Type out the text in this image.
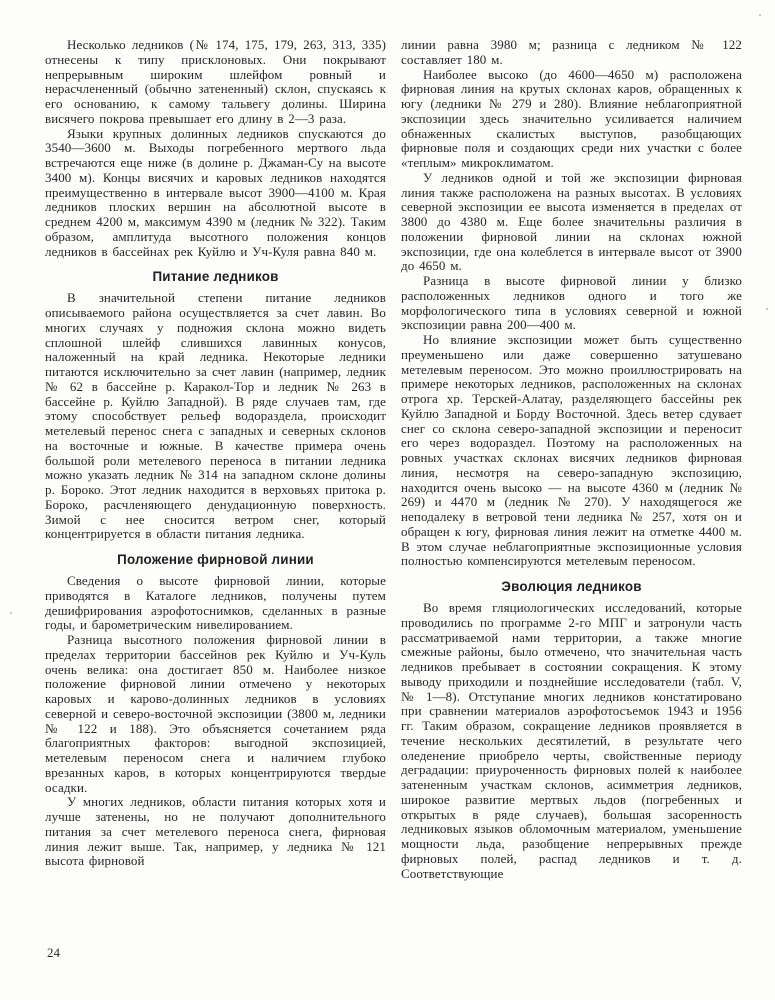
Несколько ледников (№ 174, 175, 179, 263, 313, 335) отнесены к типу присклоновых. Они покрывают непрерывным широким шлейфом ровный и нерасчлененный (обычно затененный) склон, спускаясь к его основанию, к самому тальвегу долины. Ширина висячего покрова превышает его длину в 2—3 раза.

Языки крупных долинных ледников спускаются до 3540—3600 м. Выходы погребенного мертвого льда встречаются еще ниже (в долине р. Джаман-Су на высоте 3400 м). Концы висячих и каровых ледников находятся преимущественно в интервале высот 3900—4100 м. Края ледников плоских вершин на абсолютной высоте в среднем 4200 м, максимум 4390 м (ледник № 322). Таким образом, амплитуда высотного положения концов ледников в бассейнах рек Куйлю и Уч-Куля равна 840 м.

Питание ледников

В значительной степени питание ледников описываемого района осуществляется за счет лавин. Во многих случаях у подножия склона можно видеть сплошной шлейф слившихся лавинных конусов, наложенный на край ледника. Некоторые ледники питаются исключительно за счет лавин (например, ледник № 62 в бассейне р. Каракол-Тор и ледник № 263 в бассейне р. Куйлю Западной). В ряде случаев там, где этому способствует рельеф водораздела, происходит метелевый перенос снега с западных и северных склонов на восточные и южные. В качестве примера очень большой роли метелевого переноса в питании ледника можно указать ледник № 314 на западном склоне долины р. Бороко. Этот ледник находится в верховьях притока р. Бороко, расчленяющего денудационную поверхность. Зимой с нее сносится ветром снег, который концентрируется в области питания ледника.

Положение фирновой линии

Сведения о высоте фирновой линии, которые приводятся в Каталоге ледников, получены путем дешифрирования аэрофотоснимков, сделанных в разные годы, и барометрическим нивелированием.

Разница высотного положения фирновой линии в пределах территории бассейнов рек Куйлю и Уч-Куль очень велика: она достигает 850 м. Наиболее низкое положение фирновой линии отмечено у некоторых каровых и карово-долинных ледников в условиях северной и северо-восточной экспозиции (3800 м, ледники № 122 и 188). Это объясняется сочетанием ряда благоприятных факторов: выгодной экспозицией, метелевым переносом снега и наличием глубоко врезанных каров, в которых концентрируются твердые осадки.

У многих ледников, области питания которых хотя и лучше затенены, но не получают дополнительного питания за счет метелевого переноса снега, фирновая линия лежит выше. Так, например, у ледника № 121 высота фирновой

линии равна 3980 м; разница с ледником № 122 составляет 180 м.

Наиболее высоко (до 4600—4650 м) расположена фирновая линия на крутых склонах каров, обращенных к югу (ледники № 279 и 280). Влияние неблагоприятной экспозиции здесь значительно усиливается наличием обнаженных скалистых выступов, разобщающих фирновые поля и создающих среди них участки с более «теплым» микроклиматом.

У ледников одной и той же экспозиции фирновая линия также расположена на разных высотах. В условиях северной экспозиции ее высота изменяется в пределах от 3800 до 4380 м. Еще более значительны различия в положении фирновой линии на склонах южной экспозиции, где она колеблется в интервале высот от 3900 до 4650 м.

Разница в высоте фирновой линии у близко расположенных ледников одного и того же морфологического типа в условиях северной и южной экспозиции равна 200—400 м.

Но влияние экспозиции может быть существенно преуменьшено или даже совершенно затушевано метелевым переносом. Это можно проиллюстрировать на примере некоторых ледников, расположенных на склонах отрога хр. Терскей-Алатау, разделяющего бассейны рек Куйлю Западной и Борду Восточной. Здесь ветер сдувает снег со склона северо-западной экспозиции и переносит его через водораздел. Поэтому на расположенных на ровных участках склонах висячих ледников фирновая линия, несмотря на северо-западную экспозицию, находится очень высоко — на высоте 4360 м (ледник № 269) и 4470 м (ледник № 270). У находящегося же неподалеку в ветровой тени ледника № 257, хотя он и обращен к югу, фирновая линия лежит на отметке 4400 м. В этом случае неблагоприятные экспозиционные условия полностью компенсируются метелевым переносом.

Эволюция ледников

Во время гляциологических исследований, которые проводились по программе 2-го МПГ и затронули часть рассматриваемой нами территории, а также многие смежные районы, было отмечено, что значительная часть ледников пребывает в состоянии сокращения. К этому выводу приходили и позднейшие исследователи (табл. V, № 1—8). Отступание многих ледников констатировано при сравнении материалов аэрофотосъемок 1943 и 1956 гг. Таким образом, сокращение ледников проявляется в течение нескольких десятилетий, в результате чего оледенение приобрело черты, свойственные периоду деградации: приуроченность фирновых полей к наиболее затененным участкам склонов, асимметрия ледников, широкое развитие мертвых льдов (погребенных и открытых в ряде случаев), большая засоренность ледниковых языков обломочным материалом, уменьшение мощности льда, разобщение непрерывных прежде фирновых полей, распад ледников и т. д. Соответствующие

24
